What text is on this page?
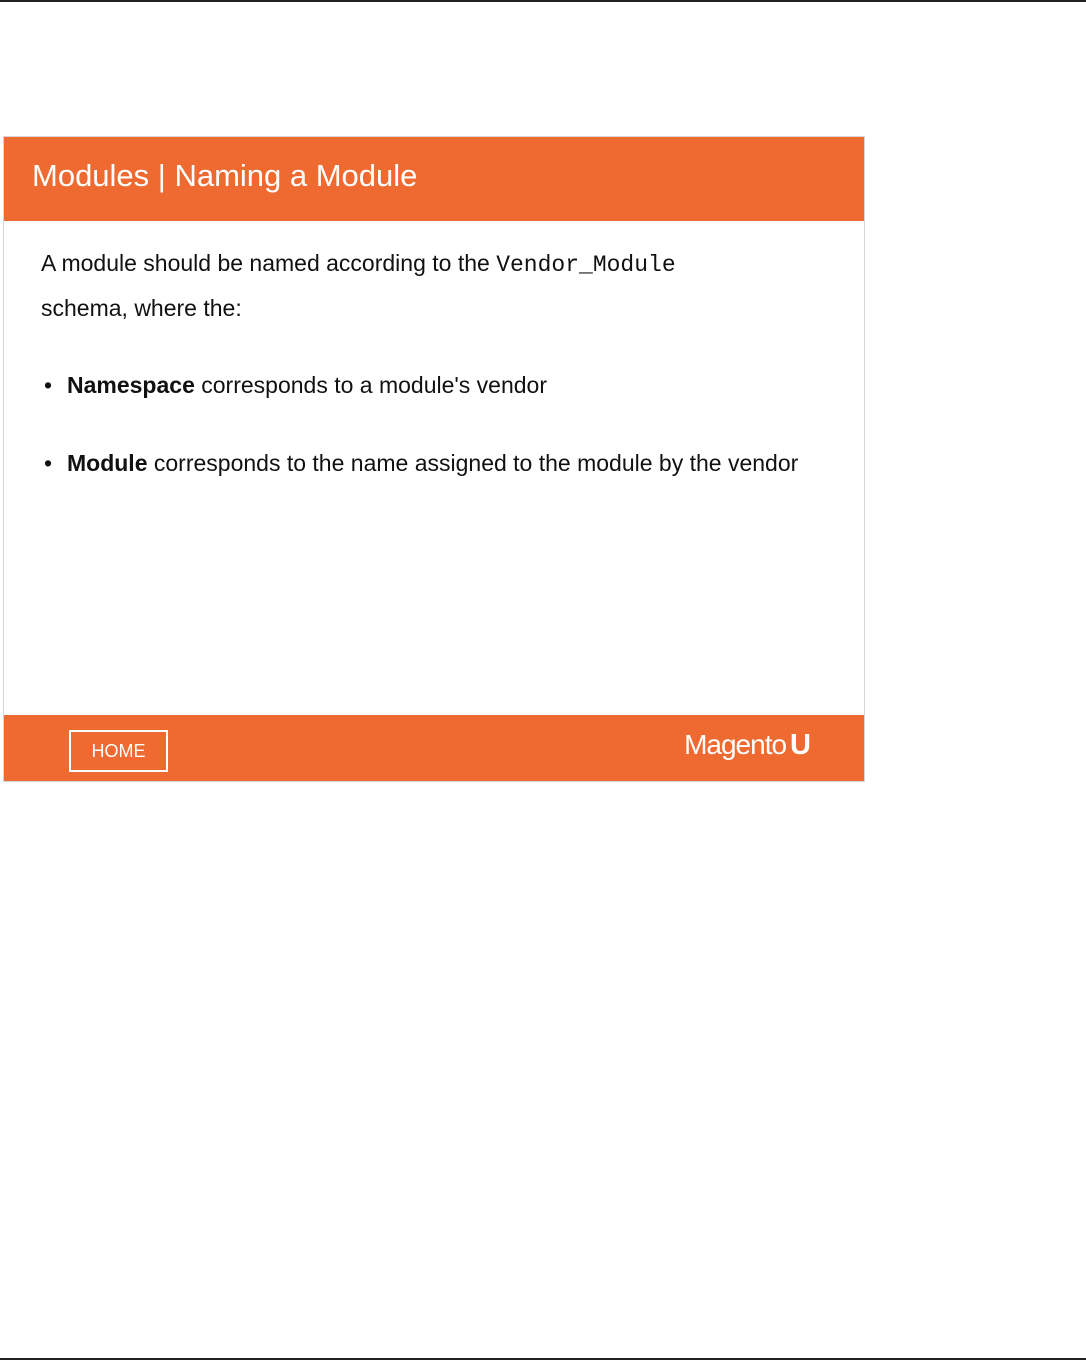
Modules | Naming a Module

A module should be named according to the Vendor_Module
schema, where the:

• Namespace corresponds to a module's vendor
• Module corresponds to the name assigned to the module by the vendor
HOME	Magento U
